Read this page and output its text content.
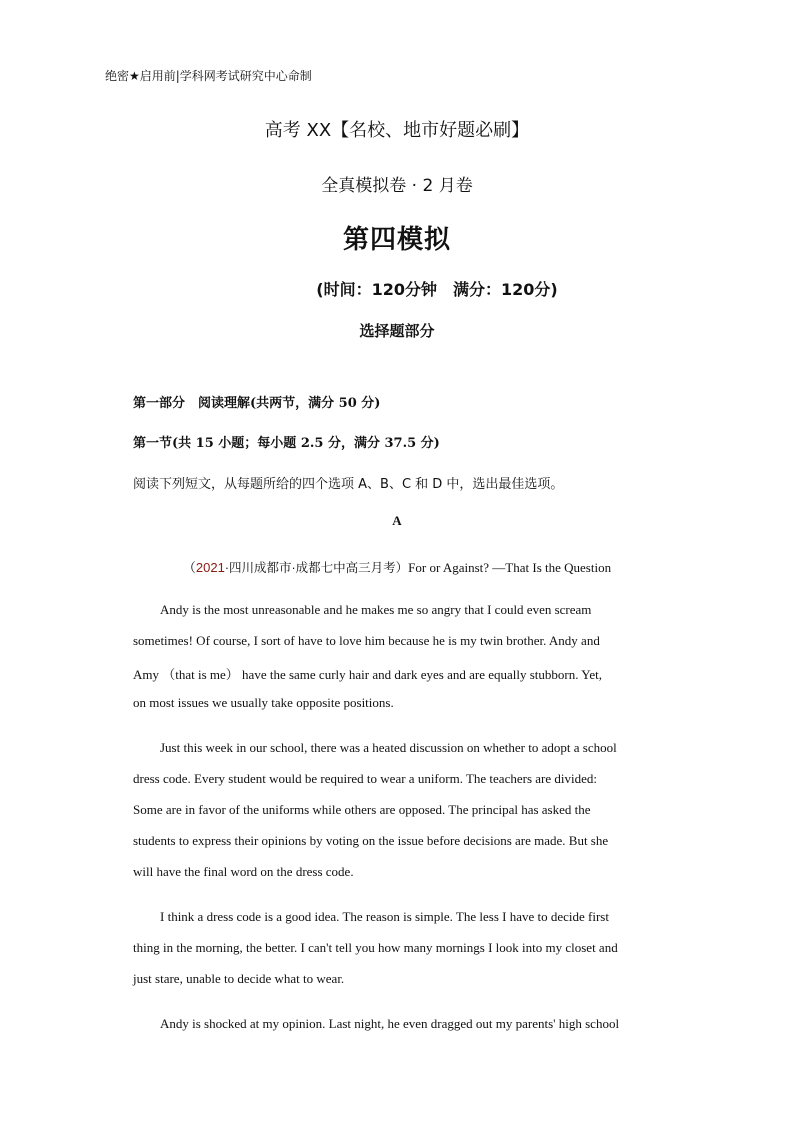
绝密★启用前|学科网考试研究中心命制
高考 XX【名校、地市好题必刷】
全真模拟卷 · 2 月卷
第四模拟
(时间：120分钟　满分：120分)
选择题部分
第一部分　阅读理解(共两节，满分 50 分)
第一节(共 15 小题；每小题 2.5 分，满分 37.5 分)
阅读下列短文，从每题所给的四个选项 A、B、C 和 D 中，选出最佳选项。
A
（2021·四川成都市·成都七中高三月考）For or Against? —That Is the Question
Andy is the most unreasonable and he makes me so angry that I could even scream
sometimes! Of course, I sort of have to love him because he is my twin brother. Andy and
Amy （that is me） have the same curly hair and dark eyes and are equally stubborn. Yet,
on most issues we usually take opposite positions.
Just this week in our school, there was a heated discussion on whether to adopt a school
dress code. Every student would be required to wear a uniform. The teachers are divided:
Some are in favor of the uniforms while others are opposed. The principal has asked the
students to express their opinions by voting on the issue before decisions are made. But she
will have the final word on the dress code.
I think a dress code is a good idea. The reason is simple. The less I have to decide first
thing in the morning, the better. I can't tell you how many mornings I look into my closet and
just stare, unable to decide what to wear.
Andy is shocked at my opinion. Last night, he even dragged out my parents' high school
